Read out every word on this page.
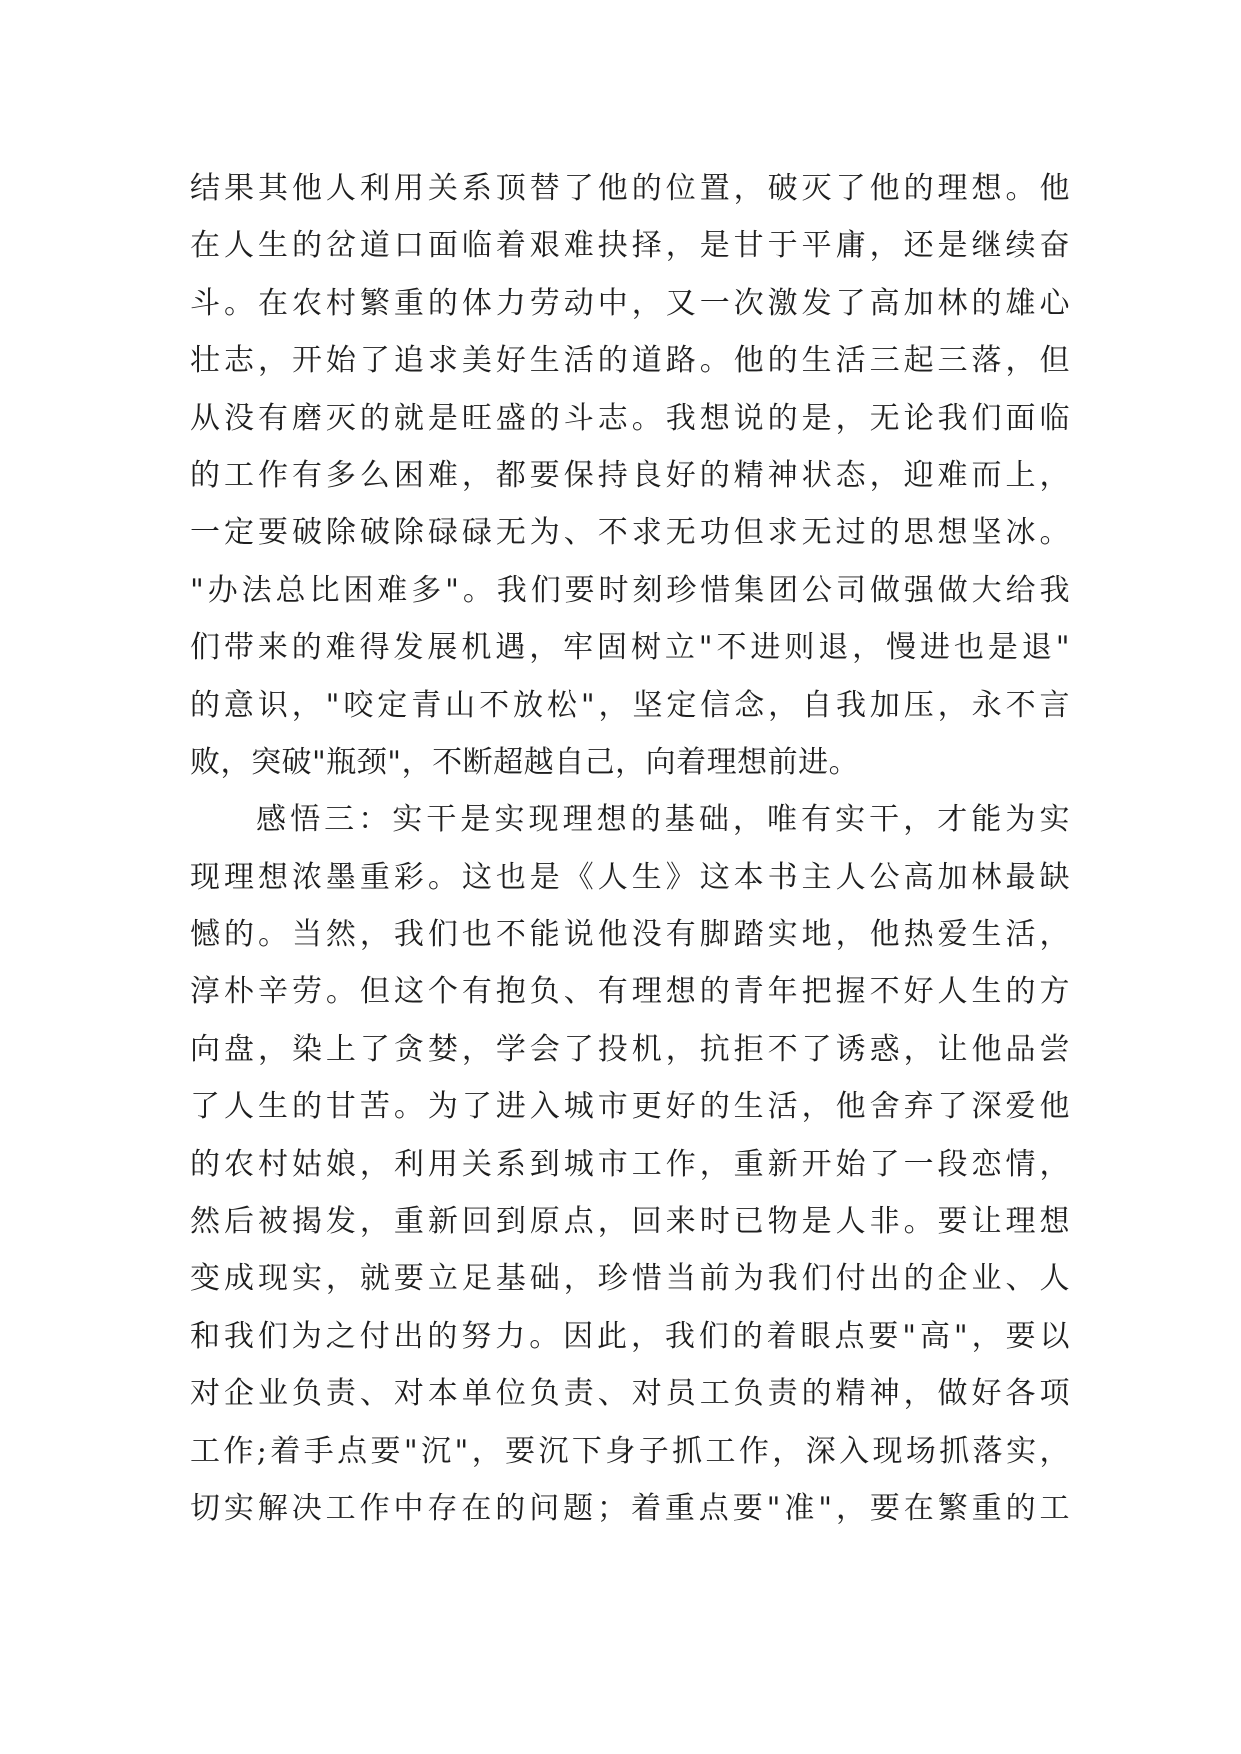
结果其他人利用关系顶替了他的位置，破灭了他的理想。他
在人生的岔道口面临着艰难抉择，是甘于平庸，还是继续奋
斗。在农村繁重的体力劳动中，又一次激发了高加林的雄心
壮志，开始了追求美好生活的道路。他的生活三起三落，但
从没有磨灭的就是旺盛的斗志。我想说的是，无论我们面临
的工作有多么困难，都要保持良好的精神状态，迎难而上，
一定要破除破除碌碌无为、不求无功但求无过的思想坚冰。
"办法总比困难多"。我们要时刻珍惜集团公司做强做大给我
们带来的难得发展机遇，牢固树立"不进则退，慢进也是退"
的意识，"咬定青山不放松"，坚定信念，自我加压，永不言
败，突破"瓶颈"，不断超越自己，向着理想前进。
感悟三：实干是实现理想的基础，唯有实干，才能为实
现理想浓墨重彩。这也是《人生》这本书主人公高加林最缺
憾的。当然，我们也不能说他没有脚踏实地，他热爱生活，
淳朴辛劳。但这个有抱负、有理想的青年把握不好人生的方
向盘，染上了贪婪，学会了投机，抗拒不了诱惑，让他品尝
了人生的甘苦。为了进入城市更好的生活，他舍弃了深爱他
的农村姑娘，利用关系到城市工作，重新开始了一段恋情，
然后被揭发，重新回到原点，回来时已物是人非。要让理想
变成现实，就要立足基础，珍惜当前为我们付出的企业、人
和我们为之付出的努力。因此，我们的着眼点要"高"，要以
对企业负责、对本单位负责、对员工负责的精神，做好各项
工作;着手点要"沉"，要沉下身子抓工作，深入现场抓落实，
切实解决工作中存在的问题；着重点要"准"，要在繁重的工
